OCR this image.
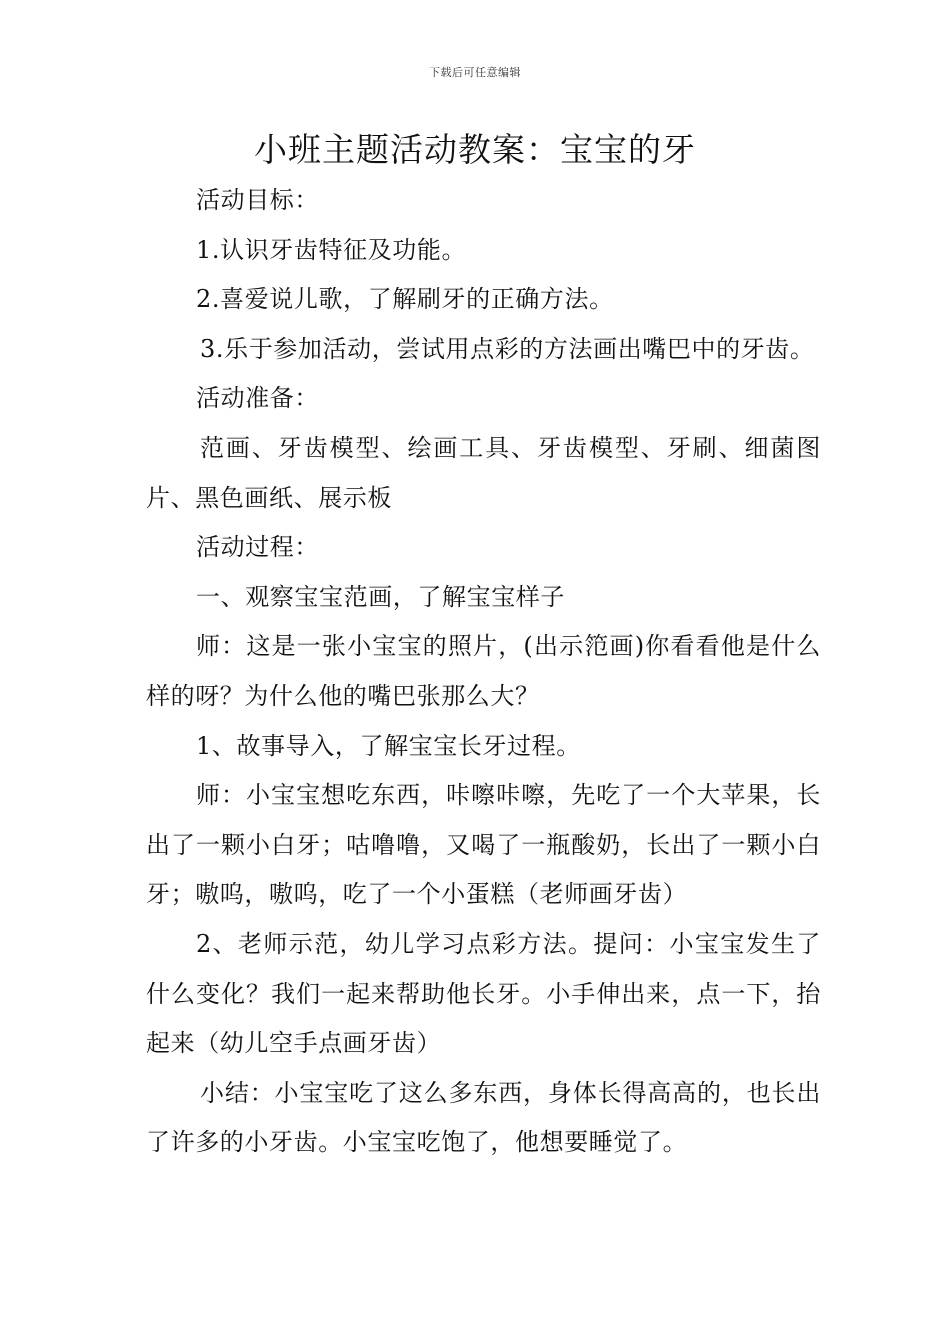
下载后可任意编辑
小班主题活动教案：宝宝的牙

活动目标：

1.认识牙齿特征及功能。

2.喜爱说儿歌，了解刷牙的正确方法。

3.乐于参加活动，尝试用点彩的方法画出嘴巴中的牙齿。

活动准备：

范画、牙齿模型、绘画工具、牙齿模型、牙刷、细菌图片、黑色画纸、展示板

活动过程：

一、观察宝宝范画，了解宝宝样子

师：这是一张小宝宝的照片，(出示笵画)你看看他是什么样的呀？为什么他的嘴巴张那么大？

1、故事导入，了解宝宝长牙过程。

师：小宝宝想吃东西，咔嚓咔嚓，先吃了一个大苹果，长出了一颗小白牙；咕噜噜，又喝了一瓶酸奶，长出了一颗小白牙；嗷呜，嗷呜，吃了一个小蛋糕（老师画牙齿）

2、老师示范，幼儿学习点彩方法。提问：小宝宝发生了什么变化？我们一起来帮助他长牙。小手伸出来，点一下，抬起来（幼儿空手点画牙齿）

小结：小宝宝吃了这么多东西，身体长得高高的，也长出了许多的小牙齿。小宝宝吃饱了，他想要睡觉了。
